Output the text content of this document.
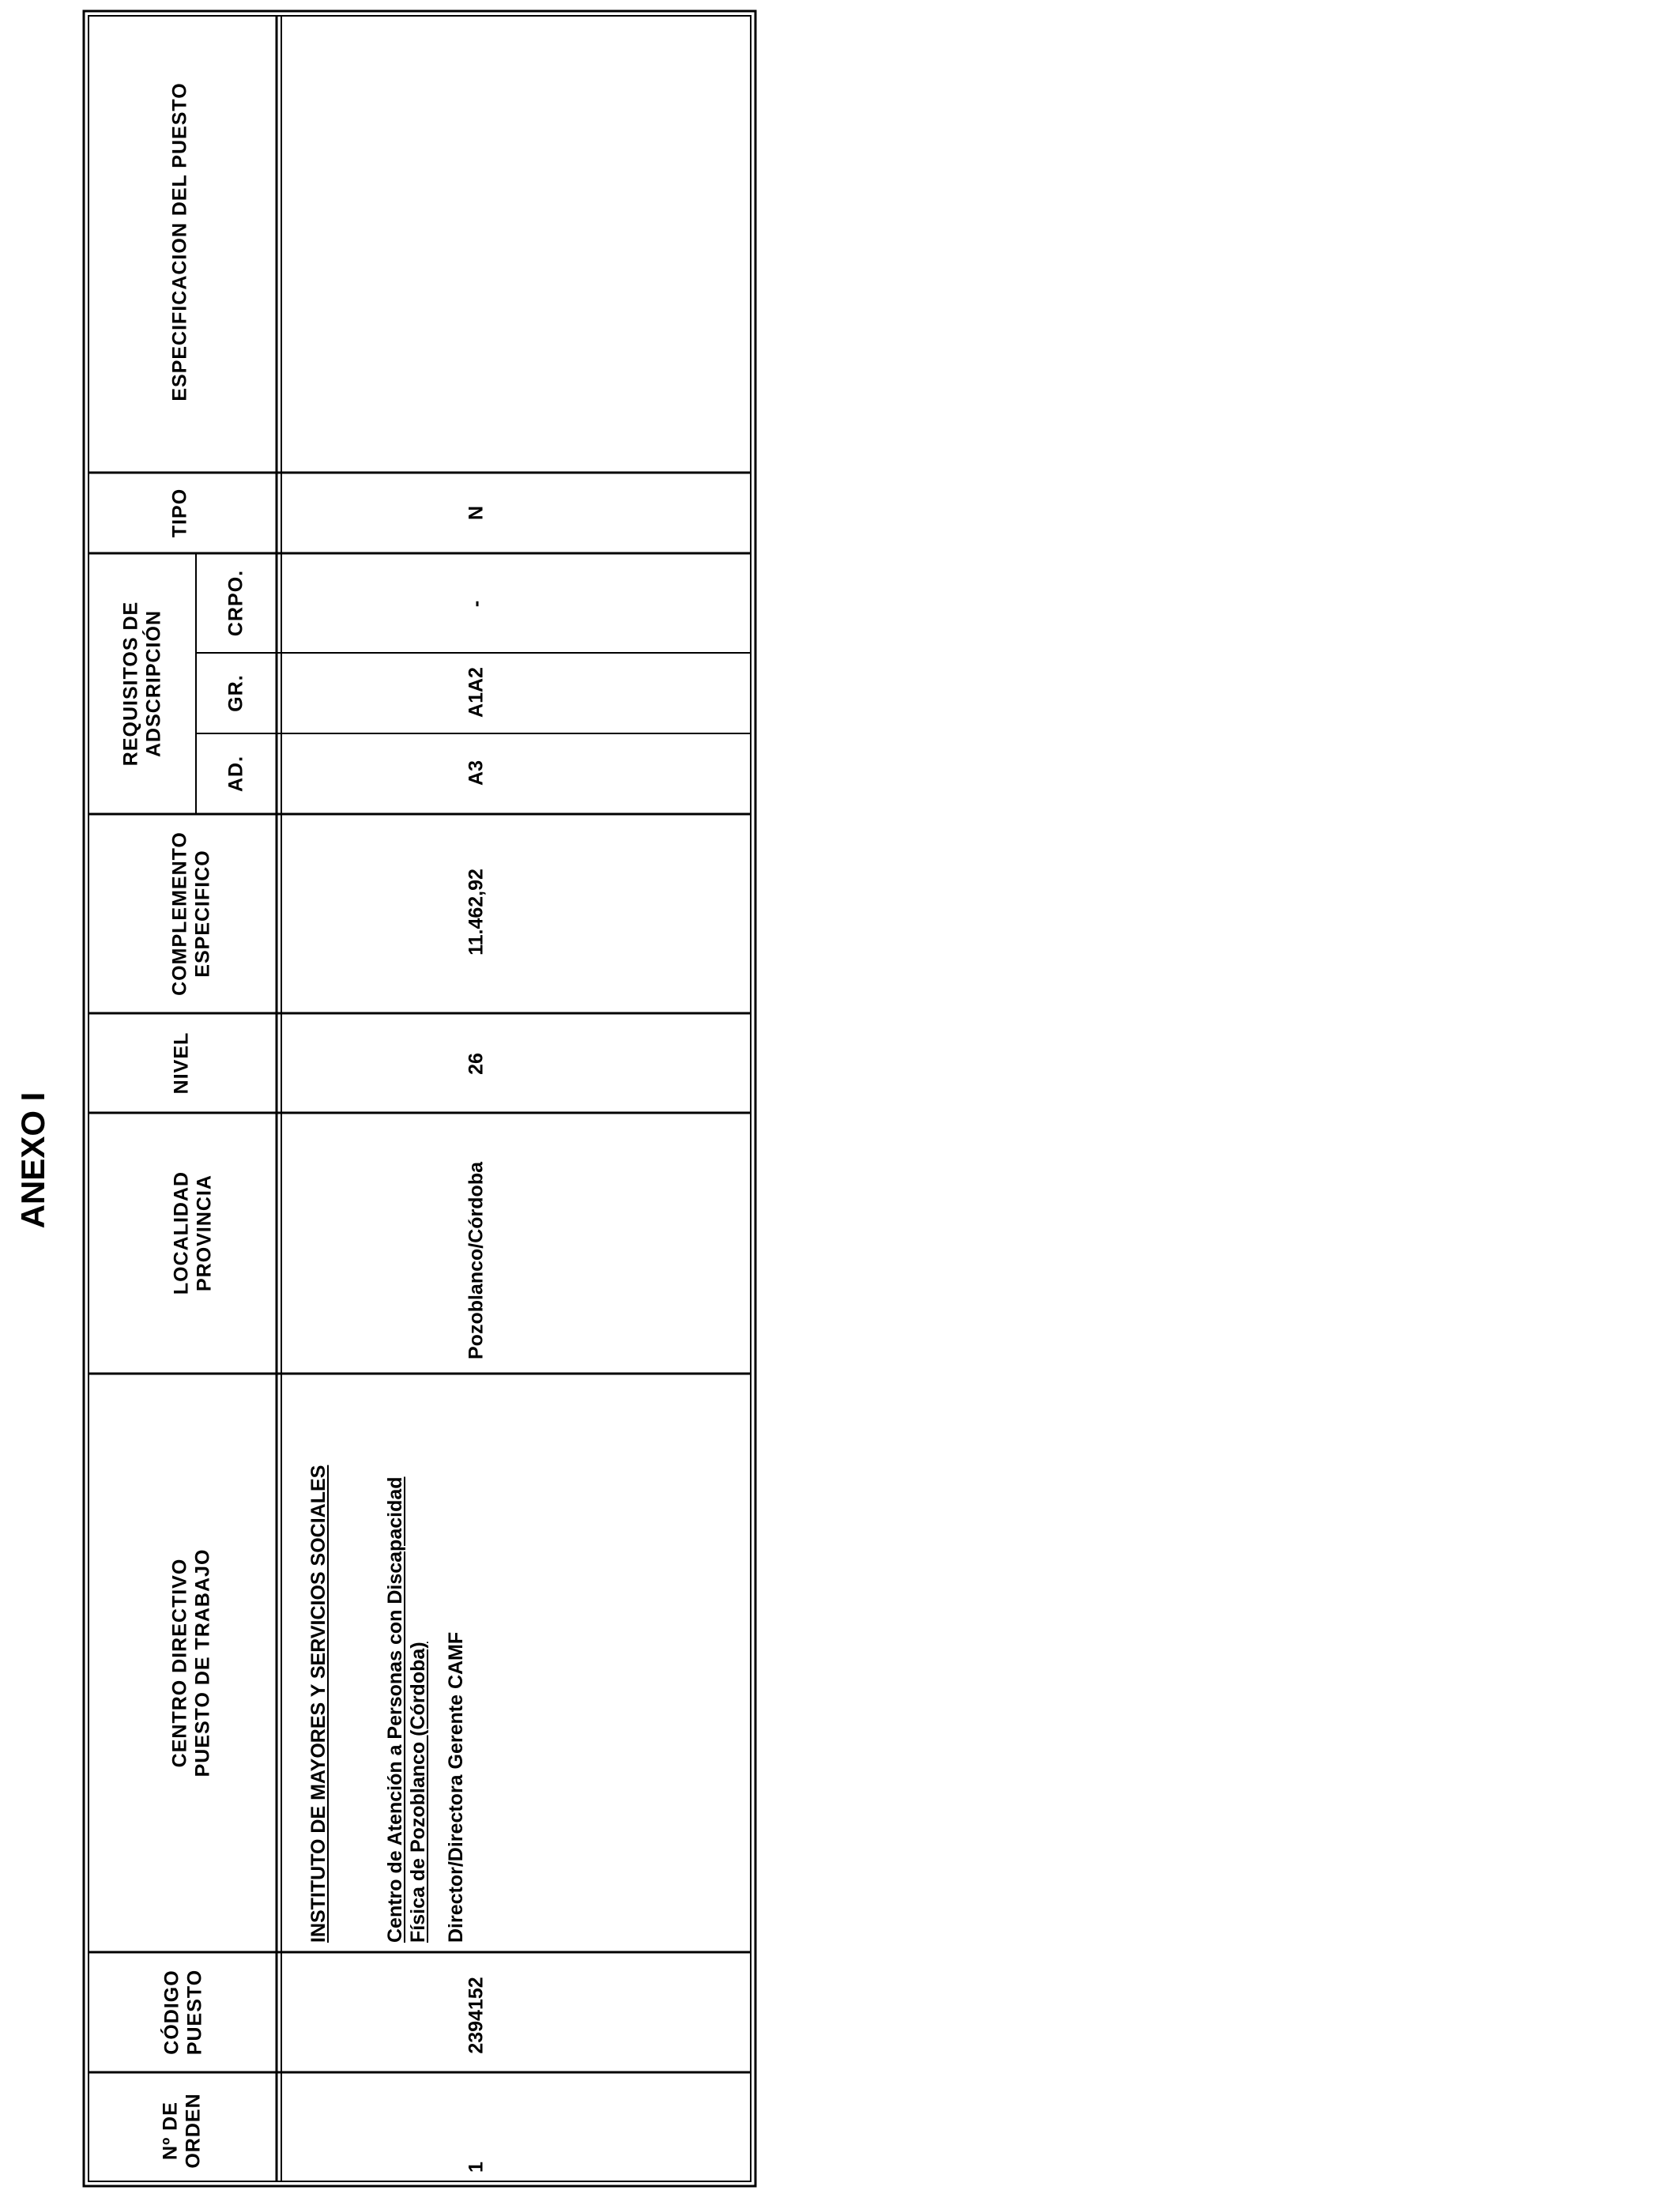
ANEXO I
Nº DE ORDEN
CÓDIGO PUESTO
CENTRO DIRECTIVO PUESTO DE TRABAJO
LOCALIDAD PROVINCIA
NIVEL
COMPLEMENTO ESPECIFICO
REQUISITOS DE ADSCRIPCIÓN
AD.
GR.
CRPO.
TIPO
ESPECIFICACION DEL PUESTO
1
2394152
INSTITUTO DE MAYORES Y SERVICIOS SOCIALES	Centro de Atención a Personas con Discapacidad Física de Pozoblanco (Córdoba) Director/Directora Gerente CAMF
Pozoblanco/Córdoba
26
11.462,92
A3
A1A2
-
N
